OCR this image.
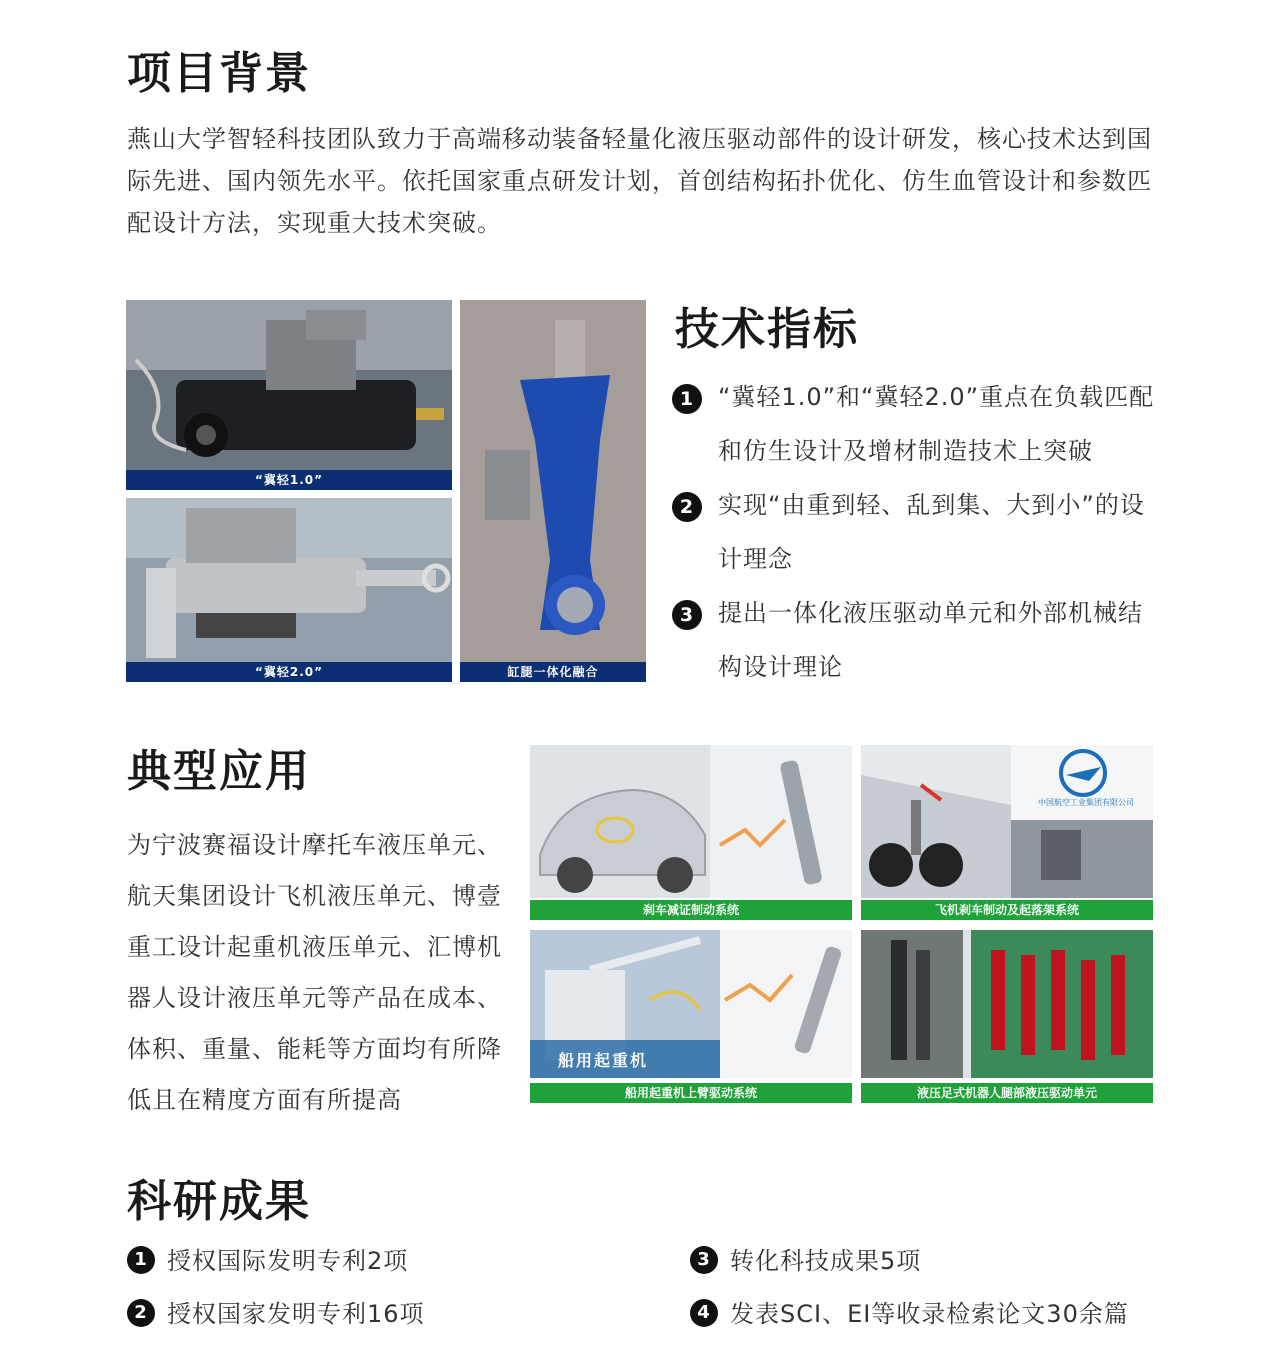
项目背景

燕山大学智轻科技团队致力于高端移动装备轻量化液压驱动部件的设计研发，核心技术达到国际先进、国内领先水平。依托国家重点研发计划，首创结构拓扑优化、仿生血管设计和参数匹配设计方法，实现重大技术突破。

“冀轻1.0”
“冀轻2.0”	缸腿一体化融合
技术指标
1 “冀轻1.0”和“冀轻2.0”重点在负载匹配和仿生设计及增材制造技术上突破
2 实现“由重到轻、乱到集、大到小”的设计理念
3 提出一体化液压驱动单元和外部机械结构设计理论
典型应用

为宁波赛福设计摩托车液压单元、航天集团设计飞机液压单元、博壹重工设计起重机液压单元、汇博机器人设计液压单元等产品在成本、体积、重量、能耗等方面均有所降低且在精度方面有所提高

刹车减证制动系统
中国航空工业集团有限公司
飞机刹车制动及起落架系统
船用起重机
船用起重机上臂驱动系统	液压足式机器人腿部液压驱动单元
科研成果
1 授权国际发明专利2项
2 授权国家发明专利16项
3 转化科技成果5项
4 发表SCI、EI等收录检索论文30余篇
